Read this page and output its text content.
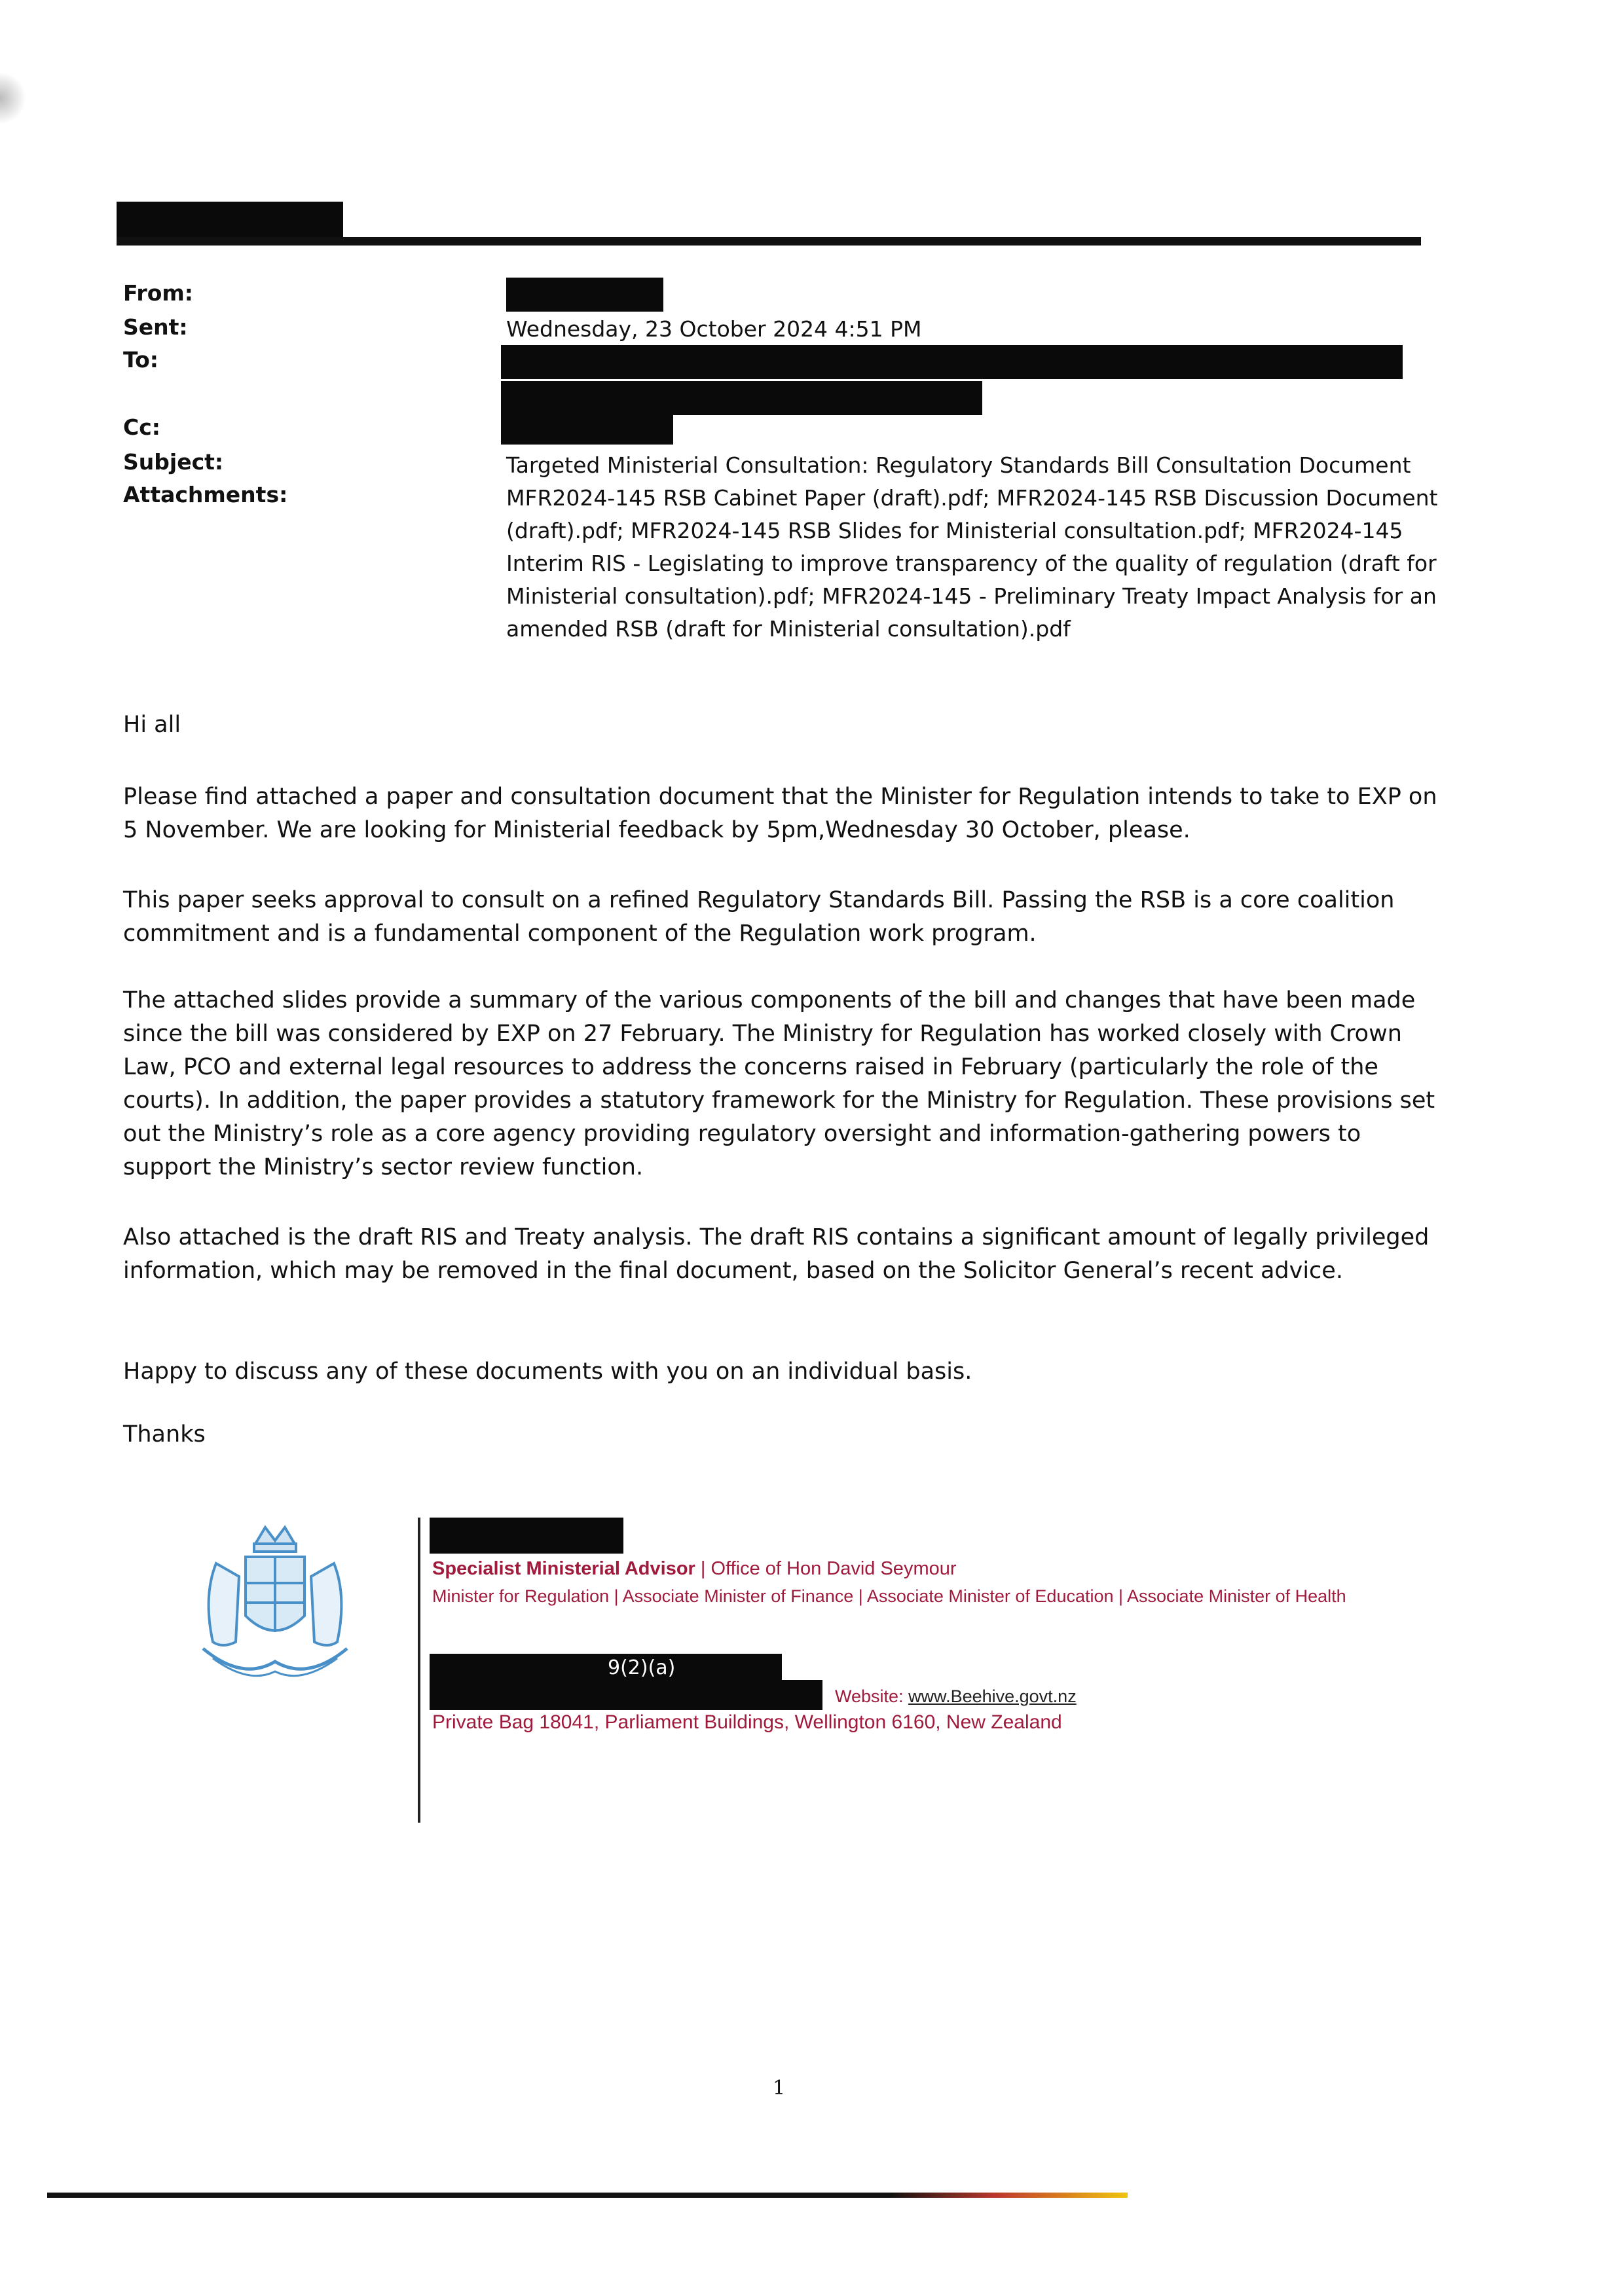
From:
Sent:
To:
Cc:
Subject:
Attachments:
Wednesday, 23 October 2024 4:51 PM
Targeted Ministerial Consultation: Regulatory Standards Bill Consultation Document
MFR2024-145 RSB Cabinet Paper (draft).pdf; MFR2024-145 RSB Discussion Document (draft).pdf; MFR2024-145 RSB Slides for Ministerial consultation.pdf; MFR2024-145 Interim RIS - Legislating to improve transparency of the quality of regulation (draft for Ministerial consultation).pdf; MFR2024-145 - Preliminary Treaty Impact Analysis for an amended RSB (draft for Ministerial consultation).pdf
Hi all
Please find attached a paper and consultation document that the Minister for Regulation intends to take to EXP on 5 November. We are looking for Ministerial feedback by 5pm,Wednesday 30 October, please.
This paper seeks approval to consult on a refined Regulatory Standards Bill. Passing the RSB is a core coalition commitment and is a fundamental component of the Regulation work program.
The attached slides provide a summary of the various components of the bill and changes that have been made since the bill was considered by EXP on 27 February. The Ministry for Regulation has worked closely with Crown Law, PCO and external legal resources to address the concerns raised in February (particularly the role of the courts). In addition, the paper provides a statutory framework for the Ministry for Regulation. These provisions set out the Ministry’s role as a core agency providing regulatory oversight and information-gathering powers to support the Ministry’s sector review function.
Also attached is the draft RIS and Treaty analysis. The draft RIS contains a significant amount of legally privileged information, which may be removed in the final document, based on the Solicitor General’s recent advice.
Happy to discuss any of these documents with you on an individual basis.
Thanks
Specialist Ministerial Advisor | Office of Hon David Seymour
Minister for Regulation | Associate Minister of Finance | Associate Minister of Education | Associate Minister of Health
9(2)(a)
Website: www.Beehive.govt.nz
Private Bag 18041, Parliament Buildings, Wellington 6160, New Zealand
1
